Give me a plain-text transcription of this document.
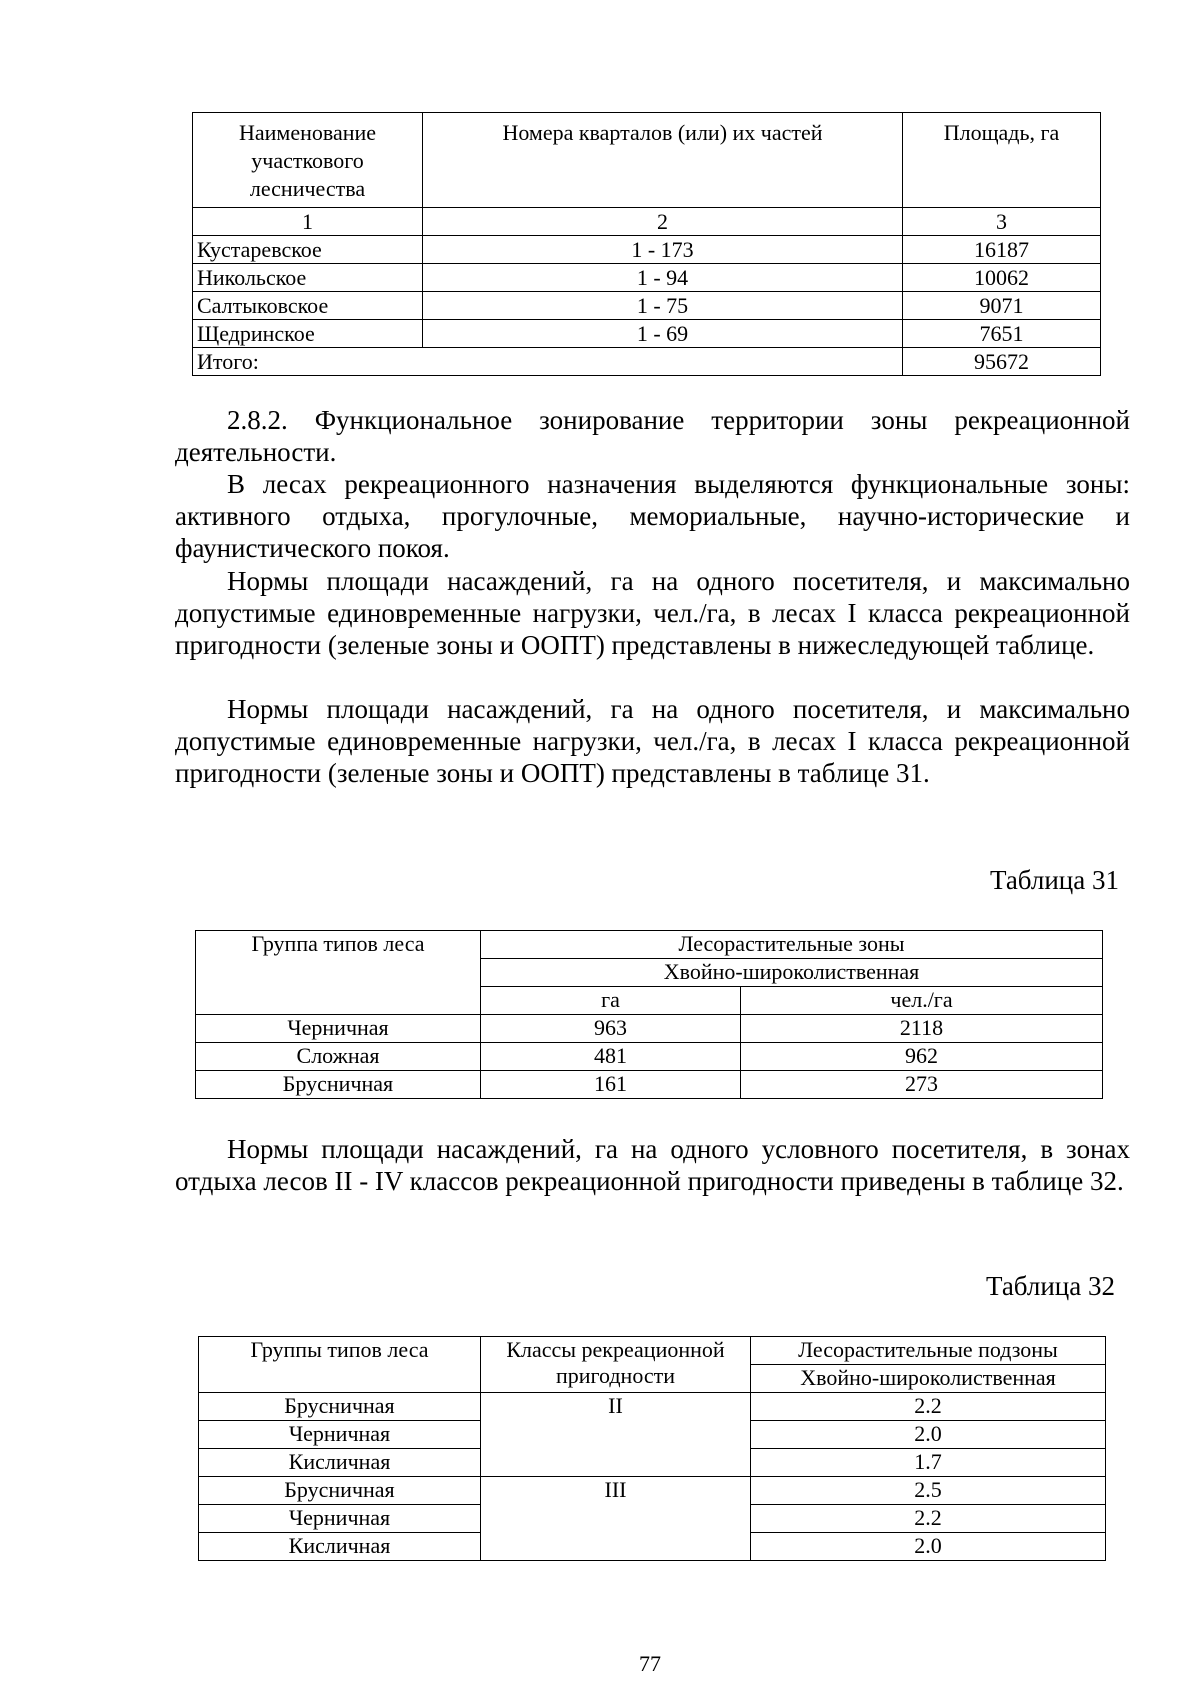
Наименование участкового лесничества	Номера кварталов (или) их частей	Площадь, га
1	2	3
Кустаревское	1 - 173	16187
Никольское	1 - 94	10062
Салтыковское	1 - 75	9071
Щедринское	1 - 69	7651
Итого:		95672

2.8.2. Функциональное зонирование территории зоны рекреационной деятельности.

В лесах рекреационного назначения выделяются функциональные зоны: активного отдыха, прогулочные, мемориальные, научно-исторические и фаунистического покоя.

Нормы площади насаждений, га на одного посетителя, и максимально допустимые единовременные нагрузки, чел./га, в лесах I класса рекреационной пригодности (зеленые зоны и ООПТ) представлены в нижеследующей таблице.

Нормы площади насаждений, га на одного посетителя, и максимально допустимые единовременные нагрузки, чел./га, в лесах I класса рекреационной пригодности (зеленые зоны и ООПТ) представлены в таблице 31.

Таблица 31
Группа типов леса	Лесорастительные зоны	
	Хвойно-широколиственная	
	га	чел./га
Черничная	963	2118
Сложная	481	962
Брусничная	161	273

Нормы площади насаждений, га на одного условного посетителя, в зонах отдыха лесов II - IV классов рекреационной пригодности приведены в таблице 32.

Таблица 32
Группы типов леса	Классы рекреационной пригодности	Лесорастительные подзоны
		Хвойно-широколиственная
Брусничная	II	2.2
Черничная		2.0
Кисличная		1.7
Брусничная	III	2.5
Черничная		2.2
Кисличная		2.0
77
